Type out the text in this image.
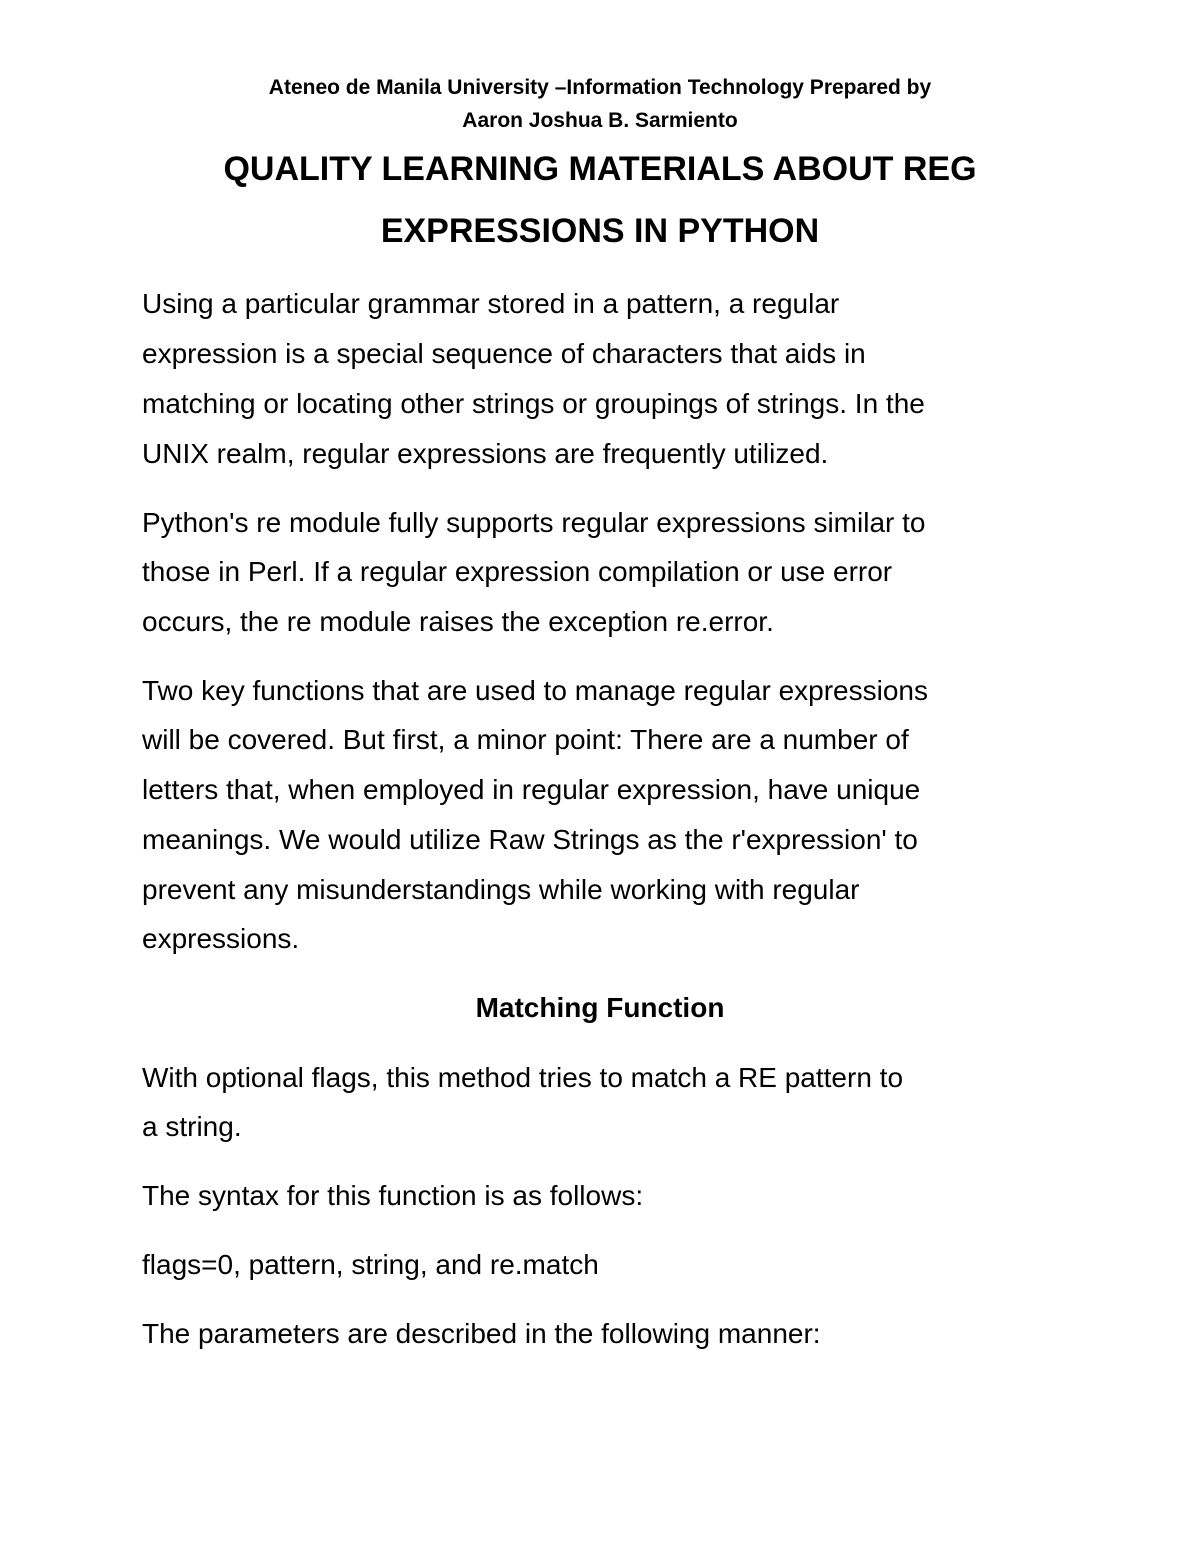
Ateneo de Manila University –Information Technology Prepared by
Aaron Joshua B. Sarmiento
QUALITY LEARNING MATERIALS ABOUT REG
EXPRESSIONS IN PYTHON
Using a particular grammar stored in a pattern, a regular
expression is a special sequence of characters that aids in
matching or locating other strings or groupings of strings. In the
UNIX realm, regular expressions are frequently utilized.
Python's re module fully supports regular expressions similar to
those in Perl. If a regular expression compilation or use error
occurs, the re module raises the exception re.error.
Two key functions that are used to manage regular expressions
will be covered. But first, a minor point: There are a number of
letters that, when employed in regular expression, have unique
meanings. We would utilize Raw Strings as the r'expression' to
prevent any misunderstandings while working with regular
expressions.
Matching Function
With optional flags, this method tries to match a RE pattern to
a string.
The syntax for this function is as follows:
flags=0, pattern, string, and re.match
The parameters are described in the following manner:
